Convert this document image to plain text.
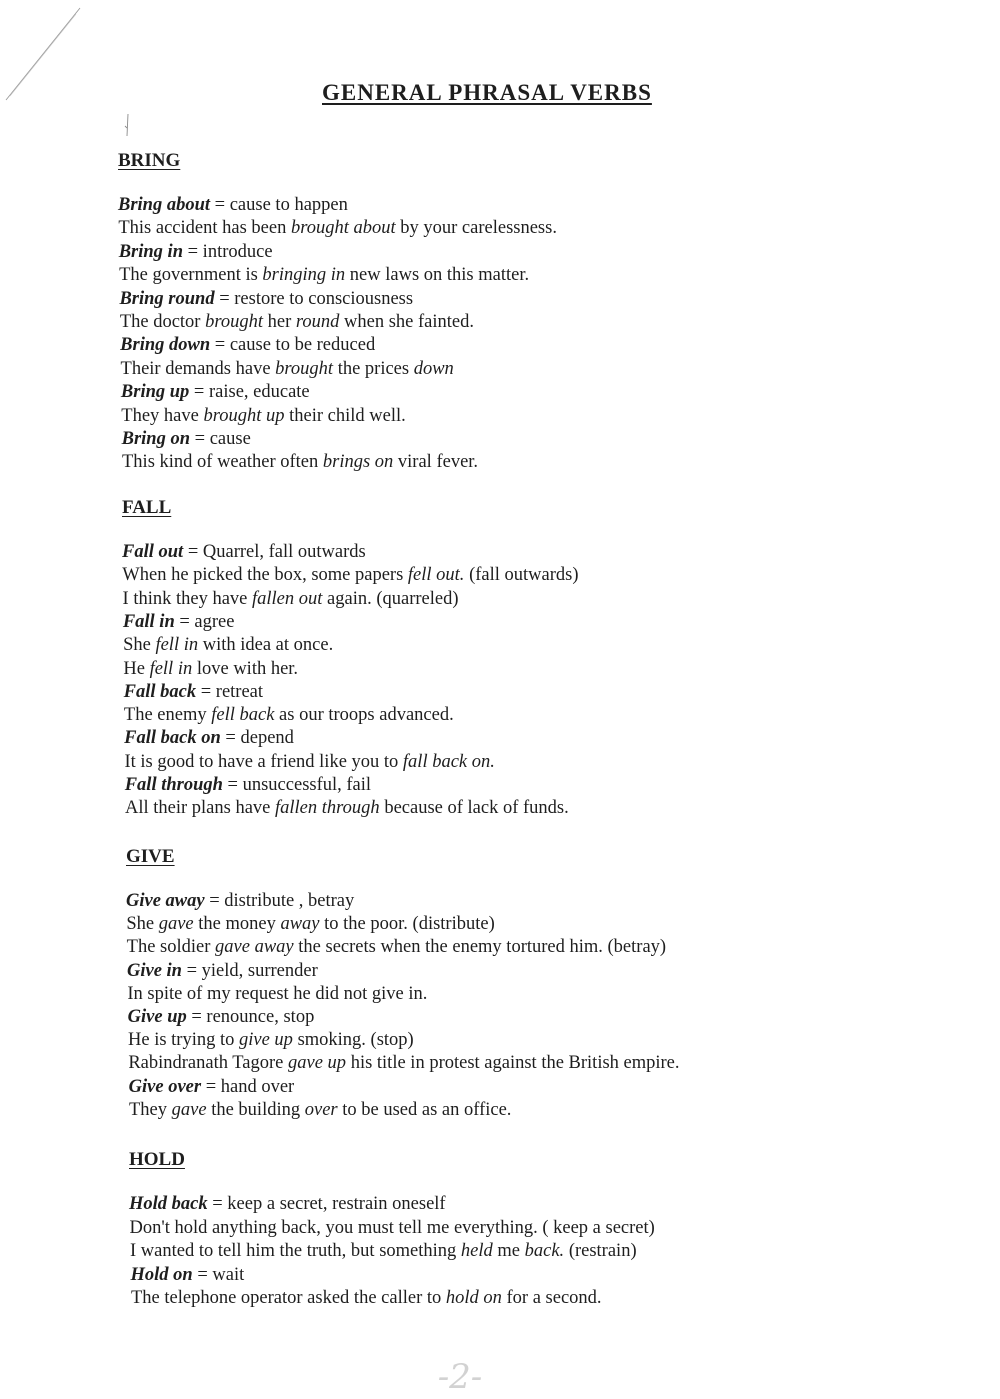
GENERAL PHRASAL VERBS
BRING
Bring about = cause to happen
This accident has been brought about by your carelessness.
Bring in = introduce
The government is bringing in new laws on this matter.
Bring round = restore to consciousness
The doctor brought her round when she fainted.
Bring down = cause to be reduced
Their demands have brought the prices down
Bring up = raise, educate
They have brought up their child well.
Bring on = cause
This kind of weather often brings on viral fever.
FALL
Fall out = Quarrel, fall outwards
When he picked the box, some papers fell out. (fall outwards)
I think they have fallen out again. (quarreled)
Fall in = agree
She fell in with idea at once.
He fell in love with her.
Fall back = retreat
The enemy fell back as our troops advanced.
Fall back on = depend
It is good to have a friend like you to fall back on.
Fall through = unsuccessful, fail
All their plans have fallen through because of lack of funds.
GIVE
Give away = distribute , betray
She gave the money away to the poor. (distribute)
The soldier gave away the secrets when the enemy tortured him. (betray)
Give in = yield, surrender
In spite of my request he did not give in.
Give up = renounce, stop
He is trying to give up smoking. (stop)
Rabindranath Tagore gave up his title in protest against the British empire.
Give over = hand over
They gave the building over to be used as an office.
HOLD
Hold back = keep a secret, restrain oneself
Don't hold anything back, you must tell me everything. ( keep a secret)
I wanted to tell him the truth, but something held me back. (restrain)
Hold on = wait
The telephone operator asked the caller to hold on for a second.
-2-
